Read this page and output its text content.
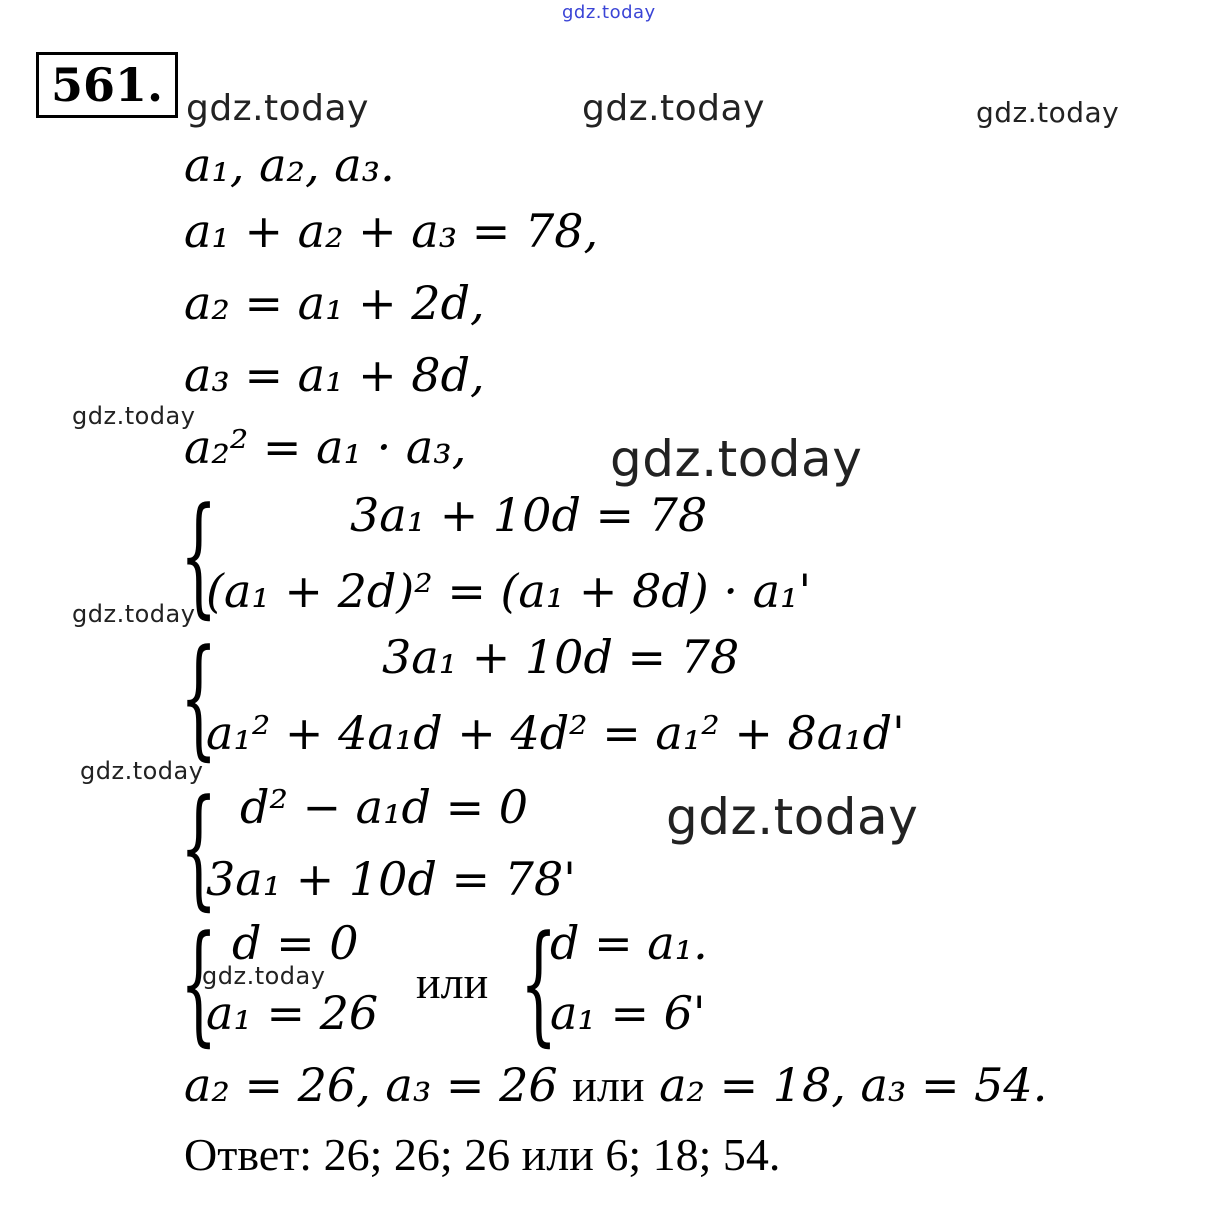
gdz.today
gdz.today	gdz.today	gdz.today
gdz.today
gdz.today
gdz.today
gdz.today
gdz.today
gdz.today
561.
a₁, a₂, a₃.
a₁ + a₂ + a₃ = 78,
a₂ = a₁ + 2d,
a₃ = a₁ + 8d,
a₂² = a₁ · a₃,
{	3a₁ + 10d = 78
(a₁ + 2d)² = (a₁ + 8d) · a₁'
{	3a₁ + 10d = 78
a₁² + 4a₁d + 4d² = a₁² + 8a₁d'
{ d² − a₁d = 0
3a₁ + 10d = 78'
{ d = 0
a₁ = 26
или {
d = a₁.
a₁ = 6'
a₂ = 26, a₃ = 26 или a₂ = 18, a₃ = 54.
Ответ: 26; 26; 26 или 6; 18; 54.
